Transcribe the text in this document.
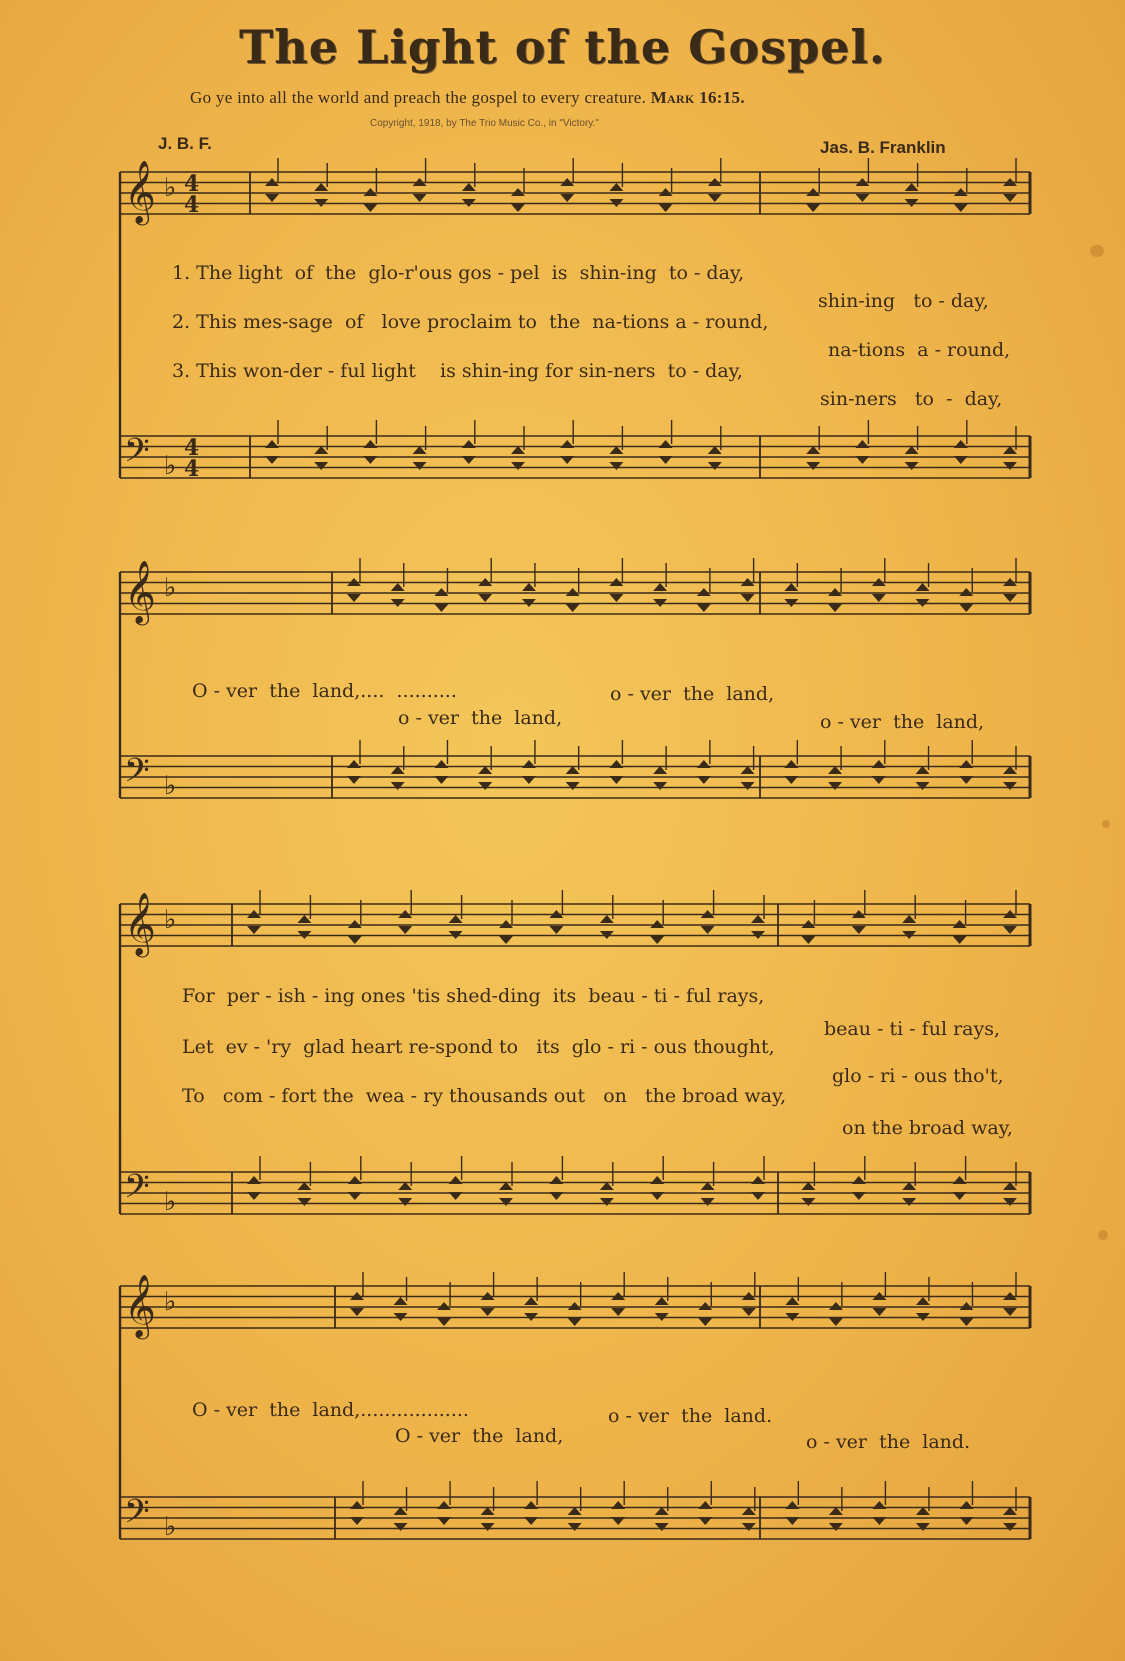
The Light of the Gospel.
Go ye into all the world and preach the gospel to every creature. Mark 16:15.
Copyright, 1918, by The Trio Music Co., in "Victory."
J. B. F.	Jas. B. Franklin
𝄞 ♭ 4
4
𝄢 ♭
4
4
𝄞 ♭
𝄢 ♭
𝄞 ♭
𝄢 ♭
𝄞 ♭
𝄢 ♭
1. The light  of  the  glo-r'ous gos - pel  is  shin-ing  to - day,
shin-ing   to - day,
2. This mes-sage  of   love proclaim to  the  na-tions a - round,
na-tions  a - round,
3. This won-der - ful light    is shin-ing for sin-ners  to - day,
sin-ners   to  -  day,
O - ver  the  land,....  ..........	o - ver  the  land,
o - ver  the  land,	o - ver  the  land,
For  per - ish - ing ones 'tis shed-ding  its  beau - ti - ful rays,
beau - ti - ful rays,
Let  ev - 'ry  glad heart re-spond to   its  glo - ri - ous thought,
glo - ri - ous tho't,
To   com - fort the  wea - ry thousands out   on   the broad way,
on the broad way,
O - ver  the  land,..................	o - ver  the  land.
O - ver  the  land,	o - ver  the  land.
